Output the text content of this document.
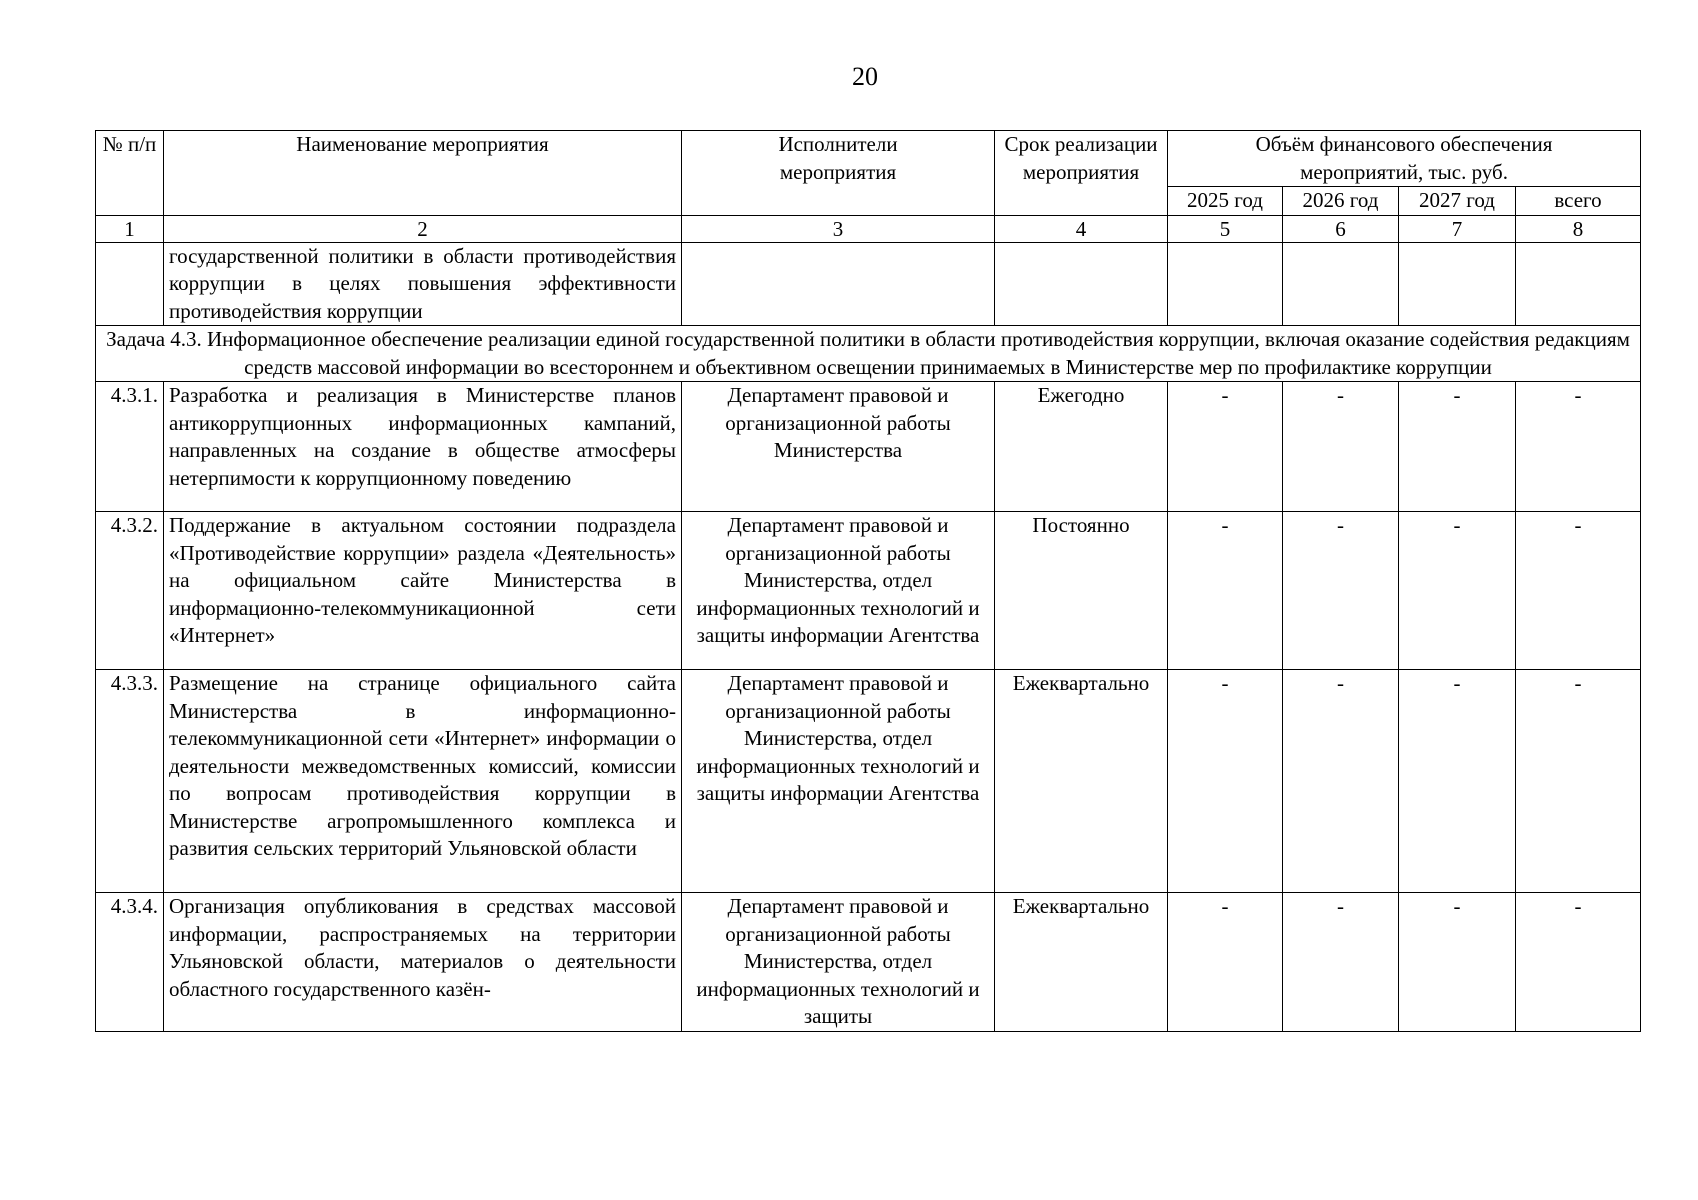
20
№ п/п	Наименование мероприятия	Исполнители мероприятия	Срок реализации мероприятия	Объём финансового обеспечения мероприятий, тыс. руб.			
				2025 год	2026 год	2027 год	всего
1	2	3	4	5	6	7	8
	государственной политики в области противодействия коррупции в целях повышения эффективности противодействия коррупции						
Задача 4.3. Информационное обеспечение реализации единой государственной политики в области противодействия коррупции, включая оказание содействия редакциям средств массовой информации во всестороннем и объективном освещении принимаемых в Министерстве мер по профилактике коррупции							
4.3.1.	Разработка и реализация в Министерстве планов антикоррупционных информационных кампаний, направленных на создание в обществе атмосферы нетерпимости к коррупционному поведению	Департамент правовой и организационной работы Министерства	Ежегодно	-	-	-	-
4.3.2.	Поддержание в актуальном состоянии подраздела «Противодействие коррупции» раздела «Деятельность» на официальном сайте Министерства в информационно-телекоммуникационной сети «Интернет»	Департамент правовой и организационной работы Министерства, отдел информационных технологий и защиты информации Агентства	Постоянно	-	-	-	-
4.3.3.	Размещение на странице официального сайта Министерства в информационно-телекоммуникационной сети «Интернет» информации о деятельности межведомственных комиссий, комиссии по вопросам противодействия коррупции в Министерстве агропромышленного комплекса и развития сельских территорий Ульяновской области	Департамент правовой и организационной работы Министерства, отдел информационных технологий и защиты информации Агентства	Ежеквартально	-	-	-	-
4.3.4.	Организация опубликования в средствах массовой информации, распространяемых на территории Ульяновской области, материалов о деятельности областного государственного казён-	Департамент правовой и организационной работы Министерства, отдел информационных технологий и защиты	Ежеквартально	-	-	-	-
